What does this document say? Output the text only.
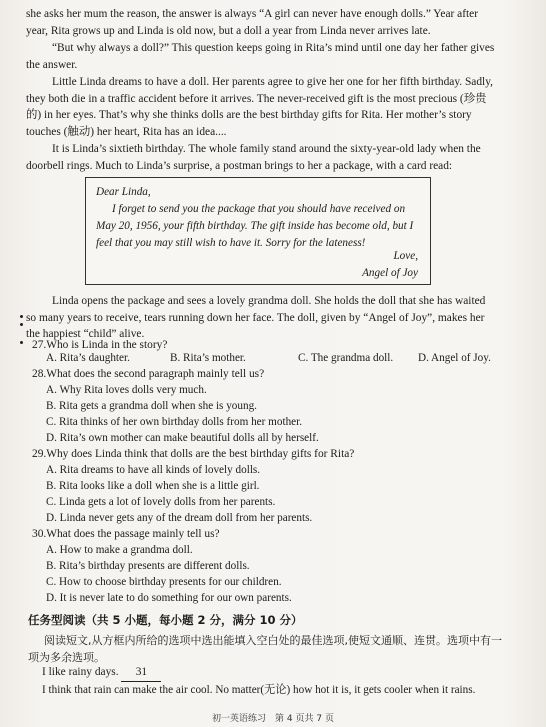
she asks her mum the reason, the answer is always “A girl can never have enough dolls.” Year after
year, Rita grows up and Linda is old now, but a doll a year from Linda never arrives late.
“But why always a doll?” This question keeps going in Rita’s mind until one day her father gives
the answer.
Little Linda dreams to have a doll. Her parents agree to give her one for her fifth birthday. Sadly,
they both die in a traffic accident before it arrives. The never-received gift is the most precious (珍贵
的) in her eyes. That’s why she thinks dolls are the best birthday gifts for Rita. Her mother’s story
touches (触动) her heart, Rita has an idea....
It is Linda’s sixtieth birthday. The whole family stand around the sixty-year-old lady when the
doorbell rings. Much to Linda’s surprise, a postman brings to her a package, with a card read:
Dear Linda,
I forget to send you the package that you should have received on
May 20, 1956, your fifth birthday. The gift inside has become old, but I
feel that you may still wish to have it. Sorry for the lateness!
Love,
Angel of Joy
Linda opens the package and sees a lovely grandma doll. She holds the doll that she has waited
so many years to receive, tears running down her face. The doll, given by “Angel of Joy”, makes her
the happiest “child” alive.
27.Who is Linda in the story?
A. Rita’s daughter.	B. Rita’s mother.	C. The grandma doll. D. Angel of Joy.
28.What does the second paragraph mainly tell us?
A. Why Rita loves dolls very much.
B. Rita gets a grandma doll when she is young.
C. Rita thinks of her own birthday dolls from her mother.
D. Rita’s own mother can make beautiful dolls all by herself.
29.Why does Linda think that dolls are the best birthday gifts for Rita?
A. Rita dreams to have all kinds of lovely dolls.
B. Rita looks like a doll when she is a little girl.
C. Linda gets a lot of lovely dolls from her parents.
D. Linda never gets any of the dream doll from her parents.
30.What does the passage mainly tell us?
A. How to make a grandma doll.
B. Rita’s birthday presents are different dolls.
C. How to choose birthday presents for our children.
D. It is never late to do something for our own parents.
任务型阅读（共 5 小题，每小题 2 分，满分 10 分）
阅读短文,从方框内所给的选项中选出能填入空白处的最佳选项,使短文通顺、连贯。选项中有一
项为多余选项。
I like rainy days. 31
I think that rain can make the air cool. No matter(无论) how hot it is, it gets cooler when it rains.
初一英语练习　第 4 页共 7 页
